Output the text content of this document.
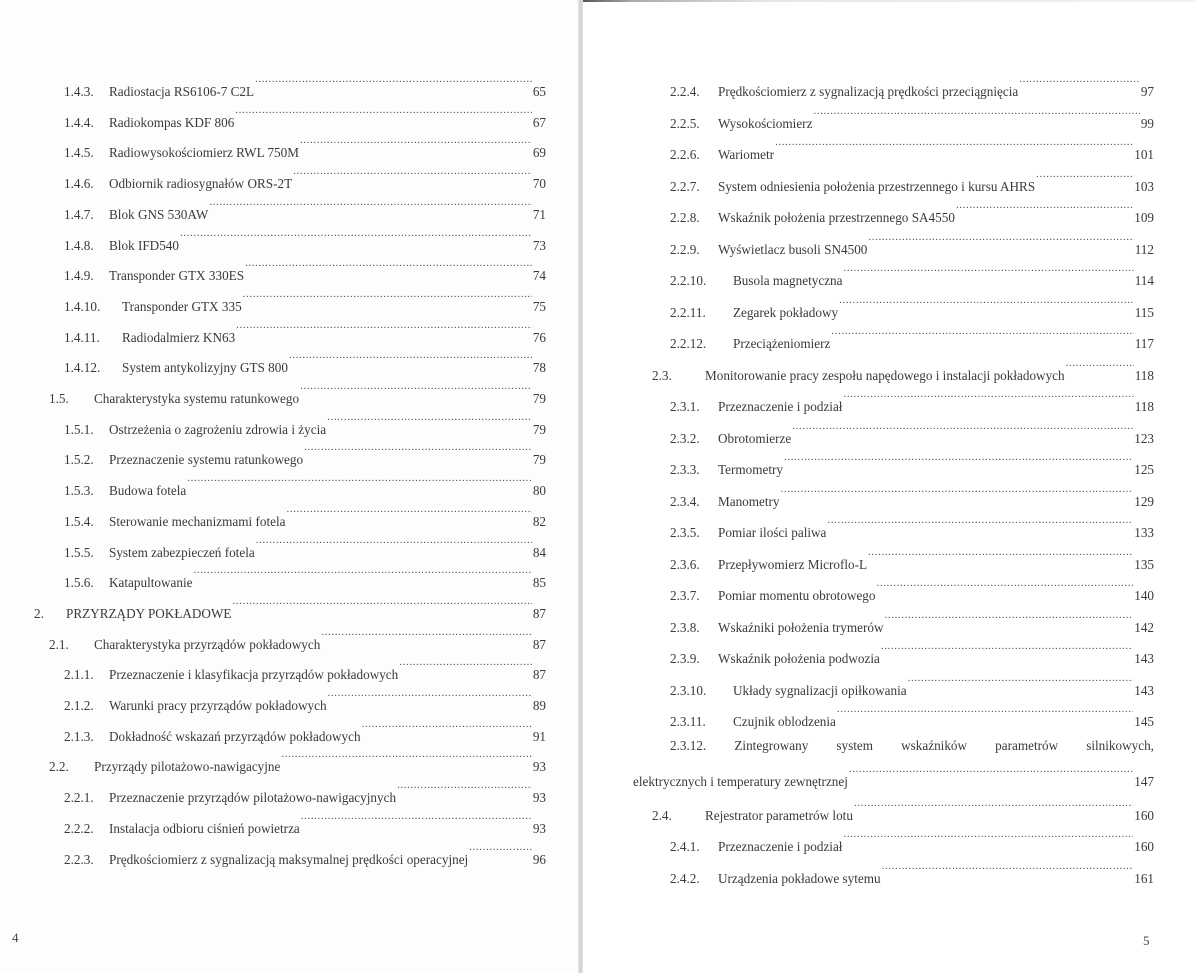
1.4.3.	Radiostacja RS6106-7 C2L .....	65
1.4.4.	Radiokompas KDF 806 .....	67
1.4.5.	Radiowysokościomierz RWL 750M .....	69
1.4.6.	Odbiornik radiosygnałów ORS-2T .....	70
1.4.7.	Blok GNS 530AW .....	71
1.4.8.	Blok IFD540 .....	73
1.4.9.	Transponder GTX 330ES .....	74
1.4.10.	Transponder GTX 335 .....	75
1.4.11.	Radiodalmierz KN63 .....	76
1.4.12.	System antykolizyjny GTS 800 .....	78
1.5.	Charakterystyka systemu ratunkowego .....	79
1.5.1.	Ostrzeżenia o zagrożeniu zdrowia i życia .....	79
1.5.2.	Przeznaczenie systemu ratunkowego .....	79
1.5.3.	Budowa fotela .....	80
1.5.4.	Sterowanie mechanizmami fotela .....	82
1.5.5.	System zabezpieczeń fotela .....	84
1.5.6.	Katapultowanie .....	85
2.	PRZYRZĄDY POKŁADOWE .....	87
2.1.	Charakterystyka przyrządów pokładowych .....	87
2.1.1.	Przeznaczenie i klasyfikacja przyrządów pokładowych .....	87
2.1.2.	Warunki pracy przyrządów pokładowych .....	89
2.1.3.	Dokładność wskazań przyrządów pokładowych .....	91
2.2.	Przyrządy pilotażowo-nawigacyjne .....	93
2.2.1.	Przeznaczenie przyrządów pilotażowo-nawigacyjnych .....	93
2.2.2.	Instalacja odbioru ciśnień powietrza .....	93
2.2.3.	Prędkościomierz z sygnalizacją maksymalnej prędkości operacyjnej .....	96
4
2.2.4.	Prędkościomierz z sygnalizacją prędkości przeciągnięcia .....	97
2.2.5.	Wysokościomierz .....	99
2.2.6.	Wariometr .....	101
2.2.7.	System odniesienia położenia przestrzennego i kursu AHRS .....	103
2.2.8.	Wskaźnik położenia przestrzennego SA4550 .....	109
2.2.9.	Wyświetlacz busoli SN4500 .....	112
2.2.10.	Busola magnetyczna .....	114
2.2.11.	Zegarek pokładowy .....	115
2.2.12.	Przeciążeniomierz .....	117
2.3.	Monitorowanie pracy zespołu napędowego i instalacji pokładowych .....	118
2.3.1.	Przeznaczenie i podział .....	118
2.3.2.	Obrotomierze .....	123
2.3.3.	Termometry .....	125
2.3.4.	Manometry .....	129
2.3.5.	Pomiar ilości paliwa .....	133
2.3.6.	Przepływomierz Microflo-L .....	135
2.3.7.	Pomiar momentu obrotowego .....	140
2.3.8.	Wskaźniki położenia trymerów .....	142
2.3.9.	Wskaźnik położenia podwozia .....	143
2.3.10.	Układy sygnalizacji opiłkowania .....	143
2.3.11.	Czujnik oblodzenia .....	145
2.3.12. Zintegrowany system wskaźników parametrów silnikowych,
elektrycznych i temperatury zewnętrznej .....	147
2.4.	Rejestrator parametrów lotu .....	160
2.4.1.	Przeznaczenie i podział .....	160
2.4.2.	Urządzenia pokładowe sytemu .....	161
5
